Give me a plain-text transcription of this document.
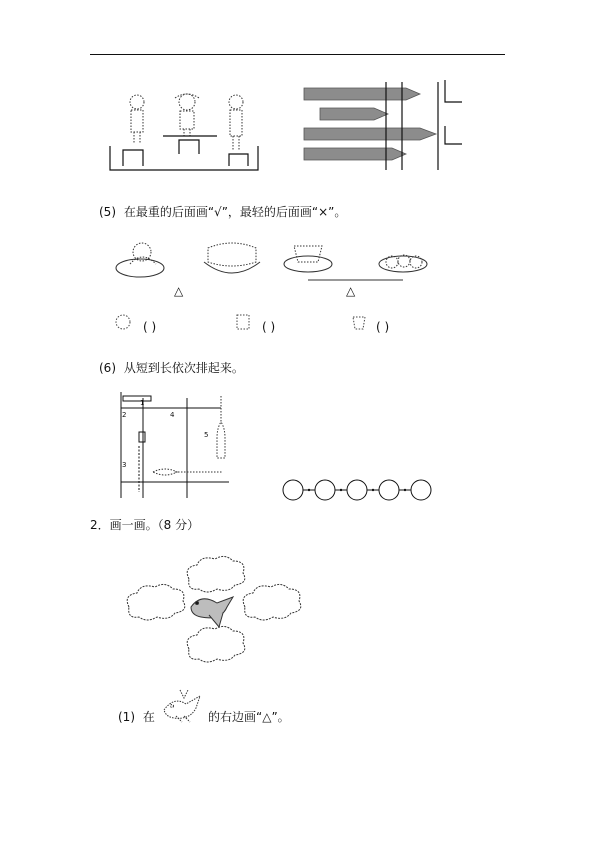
(5) 在最重的后面画“√”，最轻的后面画“×”。
△	△
( )	( )	( )
(6) 从短到长依次排起来。
1
2
3
4
5
2．画一画。（8 分）
(1) 在	的右边画“△”。
